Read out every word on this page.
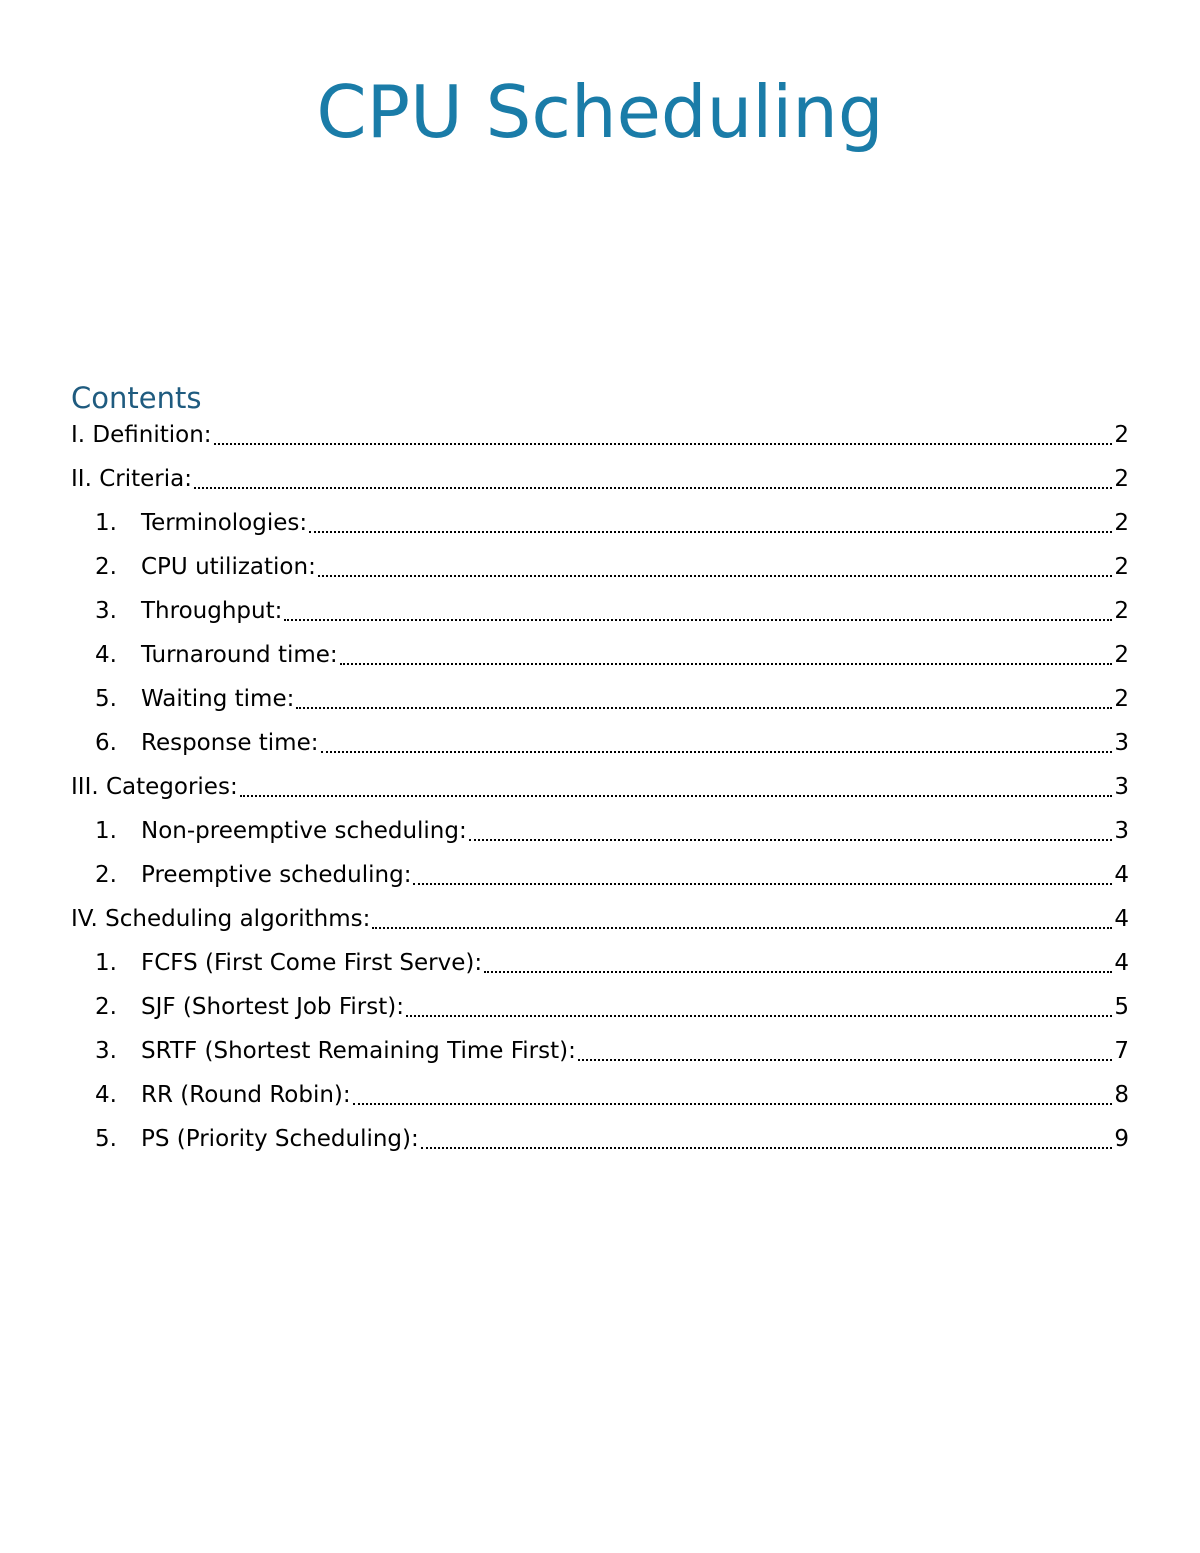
CPU Scheduling
Contents
I. Definition:	2
II. Criteria:	2
1.	Terminologies:	2
2.	CPU utilization:	2
3.	Throughput:	2
4.	Turnaround time:	2
5.	Waiting time:	2
6.	Response time:	3
III. Categories:	3
1.	Non-preemptive scheduling:	3
2.	Preemptive scheduling:	4
IV. Scheduling algorithms:	4
1.	FCFS (First Come First Serve):	4
2.	SJF (Shortest Job First):	5
3.	SRTF (Shortest Remaining Time First):	7
4.	RR (Round Robin):	8
5.	PS (Priority Scheduling):	9
